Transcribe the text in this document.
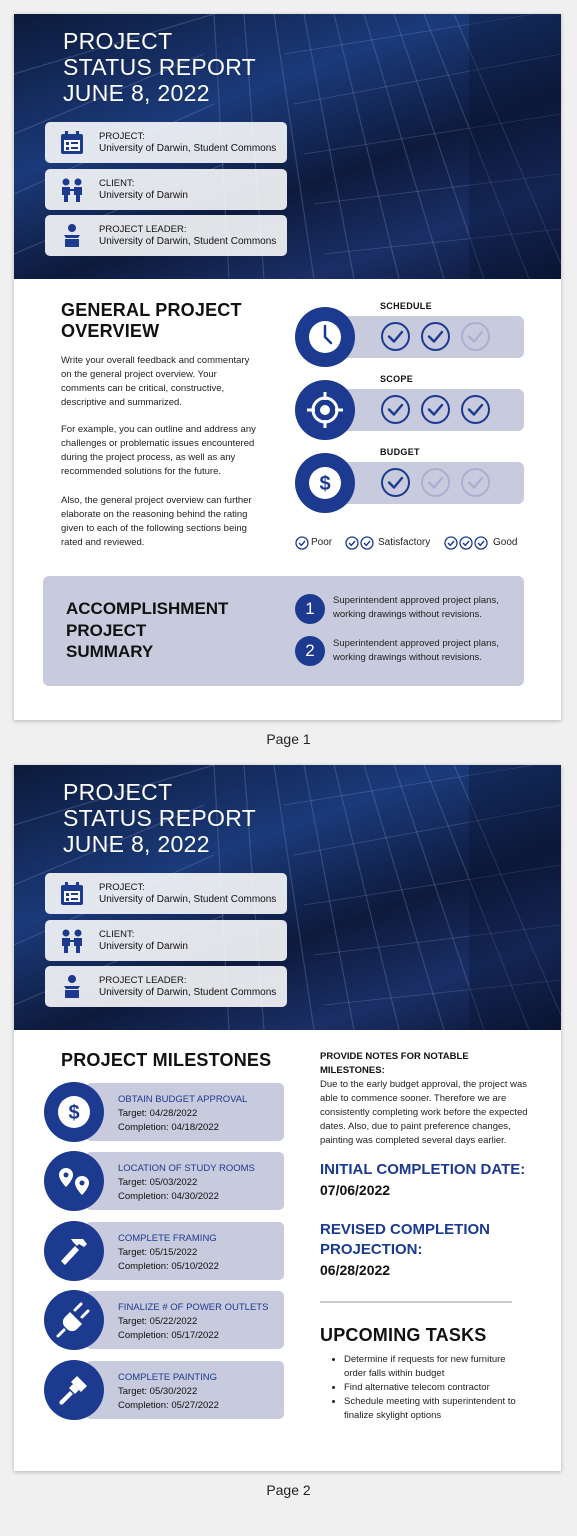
PROJECT
STATUS REPORT
JUNE 8, 2022
PROJECT:
University of Darwin, Student Commons
CLIENT:
University of Darwin
PROJECT LEADER:
University of Darwin, Student Commons
GENERAL PROJECT
OVERVIEW
Write your overall feedback and commentary on the general project overview. Your comments can be critical, constructive, descriptive and summarized.
For example, you can outline and address any challenges or problematic issues encountered during the project process, as well as any recommended solutions for the future.
Also, the general project overview can further elaborate on the reasoning behind the rating given to each of the following sections being rated and reviewed.
SCHEDULE
SCOPE
BUDGET
$
Poor	Satisfactory	Good
ACCOMPLISHMENT
PROJECT
SUMMARY
1	Superintendent approved project plans, working drawings without revisions.
2	Superintendent approved project plans, working drawings without revisions.
Page 1
PROJECT
STATUS REPORT
JUNE 8, 2022
PROJECT:
University of Darwin, Student Commons
CLIENT:
University of Darwin
PROJECT LEADER:
University of Darwin, Student Commons
PROJECT MILESTONES
OBTAIN BUDGET APPROVAL
Target: 04/28/2022
Completion: 04/18/2022
$
LOCATION OF STUDY ROOMS
Target: 05/03/2022
Completion: 04/30/2022
COMPLETE FRAMING
Target: 05/15/2022
Completion: 05/10/2022
FINALIZE # OF POWER OUTLETS
Target: 05/22/2022
Completion: 05/17/2022
COMPLETE PAINTING
Target: 05/30/2022
Completion: 05/27/2022
PROVIDE NOTES FOR NOTABLE MILESTONES:
Due to the early budget approval, the project was able to commence sooner. Therefore we are consistently completing work before the expected dates. Also, due to paint preference changes, painting was completed several days earlier.
INITIAL COMPLETION DATE:
07/06/2022
REVISED COMPLETION
PROJECTION:
06/28/2022
UPCOMING TASKS
• Determine if requests for new furniture order falls within budget
• Find alternative telecom contractor
• Schedule meeting with superintendent to finalize skylight options
Page 2
